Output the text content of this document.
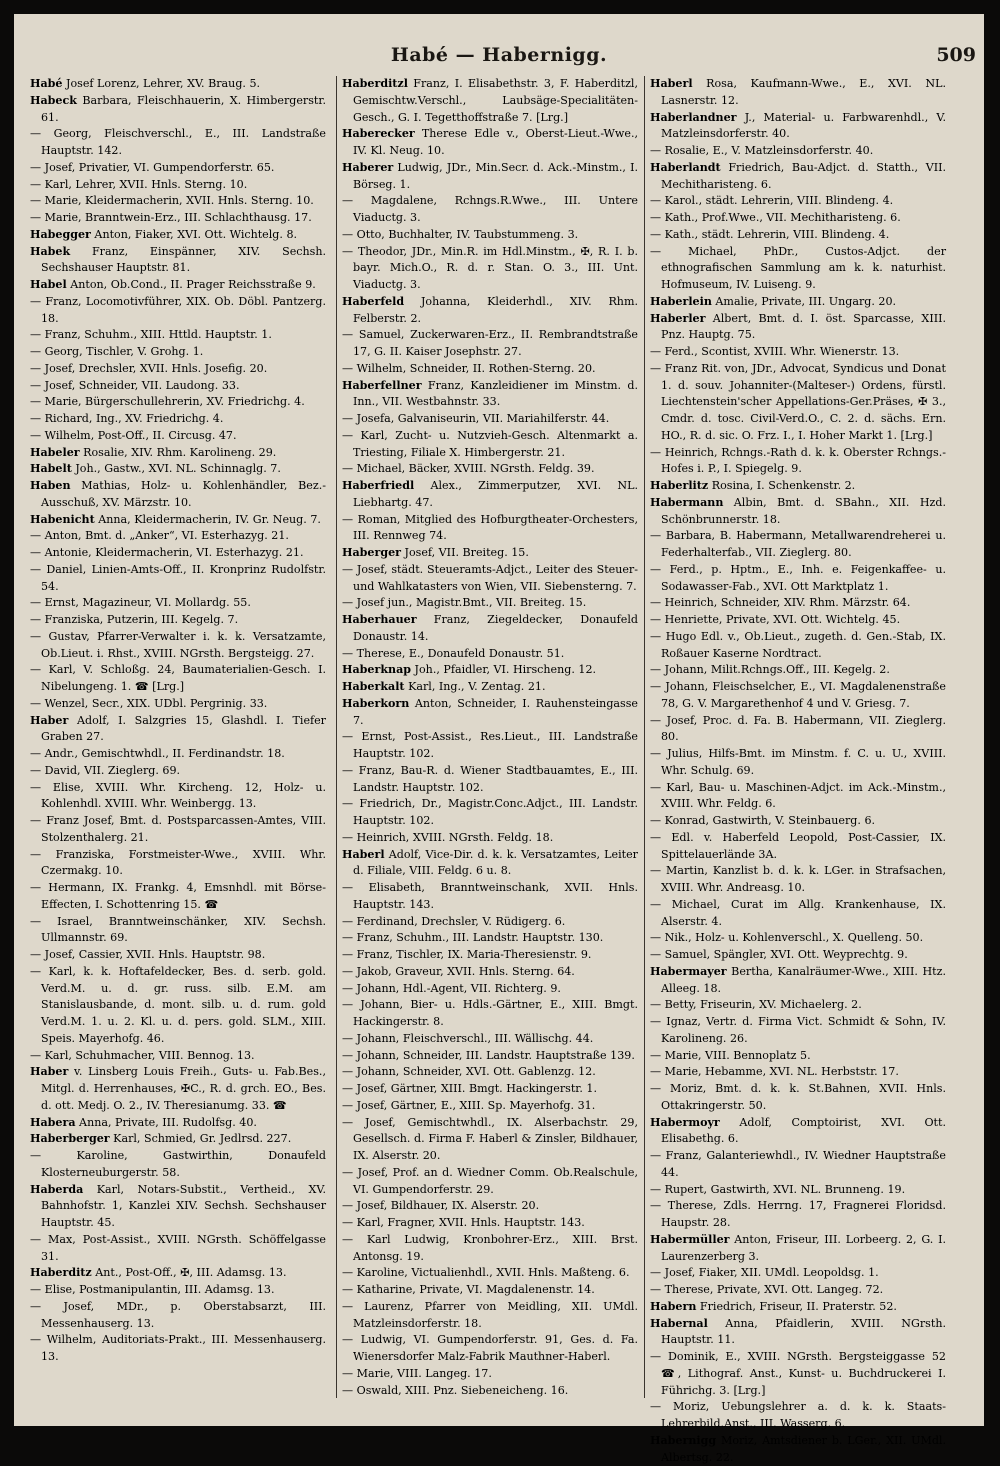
Habé — Habernigg.	509

Habé Josef Lorenz, Lehrer, XV. Braug. 5.

Habeck Barbara, Fleischhauerin, X. Himbergerstr. 61.

— Georg, Fleischverschl., E., III. Landstraße Hauptstr. 142.

— Josef, Privatier, VI. Gumpendorferstr. 65.

— Karl, Lehrer, XVII. Hnls. Sterng. 10.

— Marie, Kleidermacherin, XVII. Hnls. Sterng. 10.

— Marie, Branntwein-Erz., III. Schlachthausg. 17.

Habegger Anton, Fiaker, XVI. Ott. Wichtelg. 8.

Habek Franz, Einspänner, XIV. Sechsh. Sechshauser Hauptstr. 81.

Habel Anton, Ob.Cond., II. Prager Reichsstraße 9.

— Franz, Locomotivführer, XIX. Ob. Döbl. Pantzerg. 18.

— Franz, Schuhm., XIII. Httld. Hauptstr. 1.

— Georg, Tischler, V. Grohg. 1.

— Josef, Drechsler, XVII. Hnls. Josefig. 20.

— Josef, Schneider, VII. Laudong. 33.

— Marie, Bürgerschullehrerin, XV. Friedrichg. 4.

— Richard, Ing., XV. Friedrichg. 4.

— Wilhelm, Post-Off., II. Circusg. 47.

Habeler Rosalie, XIV. Rhm. Karolineng. 29.

Habelt Joh., Gastw., XVI. NL. Schinnaglg. 7.

Haben Mathias, Holz- u. Kohlenhändler, Bez.-Ausschuß, XV. Märzstr. 10.

Habenicht Anna, Kleidermacherin, IV. Gr. Neug. 7.

— Anton, Bmt. d. „Anker“, VI. Esterhazyg. 21.

— Antonie, Kleidermacherin, VI. Esterhazyg. 21.

— Daniel, Linien-Amts-Off., II. Kronprinz Rudolfstr. 54.

— Ernst, Magazineur, VI. Mollardg. 55.

— Franziska, Putzerin, III. Kegelg. 7.

— Gustav, Pfarrer-Verwalter i. k. k. Versatzamte, Ob.Lieut. i. Rhst., XVIII. NGrsth. Bergsteigg. 27.

— Karl, V. Schloßg. 24, Baumaterialien-Gesch. I. Nibelungeng. 1. ☎ [Lrg.]

— Wenzel, Secr., XIX. UDbl. Pergrinig. 33.

Haber Adolf, I. Salzgries 15, Glashdl. I. Tiefer Graben 27.

— Andr., Gemischtwhdl., II. Ferdinandstr. 18.

— David, VII. Zieglerg. 69.

— Elise, XVIII. Whr. Kircheng. 12, Holz- u. Kohlenhdl. XVIII. Whr. Weinbergg. 13.

— Franz Josef, Bmt. d. Postsparcassen-Amtes, VIII. Stolzenthalerg. 21.

— Franziska, Forstmeister-Wwe., XVIII. Whr. Czermakg. 10.

— Hermann, IX. Frankg. 4, Emsnhdl. mit Börse-Effecten, I. Schottenring 15. ☎

— Israel, Branntweinschänker, XIV. Sechsh. Ullmannstr. 69.

— Josef, Cassier, XVII. Hnls. Hauptstr. 98.

— Karl, k. k. Hoftafeldecker, Bes. d. serb. gold. Verd.M. u. d. gr. russ. silb. E.M. am Stanislausbande, d. mont. silb. u. d. rum. gold Verd.M. 1. u. 2. Kl. u. d. pers. gold. SLM., XIII. Speis. Mayerhofg. 46.

— Karl, Schuhmacher, VIII. Bennog. 13.

Haber v. Linsberg Louis Freih., Guts- u. Fab.Bes., Mitgl. d. Herrenhauses, ✠C., R. d. grch. EO., Bes. d. ott. Medj. O. 2., IV. Theresianumg. 33. ☎

Habera Anna, Private, III. Rudolfsg. 40.

Haberberger Karl, Schmied, Gr. Jedlrsd. 227.

— Karoline, Gastwirthin, Donaufeld Klosterneuburgerstr. 58.

Haberda Karl, Notars-Substit., Vertheid., XV. Bahnhofstr. 1, Kanzlei XIV. Sechsh. Sechshauser Hauptstr. 45.

— Max, Post-Assist., XVIII. NGrsth. Schöffelgasse 31.

Haberditz Ant., Post-Off., ✠, III. Adamsg. 13.

— Elise, Postmanipulantin, III. Adamsg. 13.

— Josef, MDr., p. Oberstabsarzt, III. Messenhauserg. 13.

— Wilhelm, Auditoriats-Prakt., III. Messenhauserg. 13.

Haberditzl Franz, I. Elisabethstr. 3, F. Haberditzl, Gemischtw.Verschl., Laubsäge-Specialitäten-Gesch., G. I. Tegetthoffstraße 7. [Lrg.]

Haberecker Therese Edle v., Oberst-Lieut.-Wwe., IV. Kl. Neug. 10.

Haberer Ludwig, JDr., Min.Secr. d. Ack.-Minstm., I. Börseg. 1.

— Magdalene, Rchngs.R.Wwe., III. Untere Viaductg. 3.

— Otto, Buchhalter, IV. Taubstummeng. 3.

— Theodor, JDr., Min.R. im Hdl.Minstm., ✠, R. I. b. bayr. Mich.O., R. d. r. Stan. O. 3., III. Unt. Viaductg. 3.

Haberfeld Johanna, Kleiderhdl., XIV. Rhm. Felberstr. 2.

— Samuel, Zuckerwaren-Erz., II. Rembrandtstraße 17, G. II. Kaiser Josephstr. 27.

— Wilhelm, Schneider, II. Rothen-Sterng. 20.

Haberfellner Franz, Kanzleidiener im Minstm. d. Inn., VII. Westbahnstr. 33.

— Josefa, Galvaniseurin, VII. Mariahilferstr. 44.

— Karl, Zucht- u. Nutzvieh-Gesch. Altenmarkt a. Triesting, Filiale X. Himbergerstr. 21.

— Michael, Bäcker, XVIII. NGrsth. Feldg. 39.

Haberfriedl Alex., Zimmerputzer, XVI. NL. Liebhartg. 47.

— Roman, Mitglied des Hofburgtheater-Orchesters, III. Rennweg 74.

Haberger Josef, VII. Breiteg. 15.

— Josef, städt. Steueramts-Adjct., Leiter des Steuer- und Wahlkatasters von Wien, VII. Siebensterng. 7.

— Josef jun., Magistr.Bmt., VII. Breiteg. 15.

Haberhauer Franz, Ziegeldecker, Donaufeld Donaustr. 14.

— Therese, E., Donaufeld Donaustr. 51.

Haberknap Joh., Pfaidler, VI. Hirscheng. 12.

Haberkalt Karl, Ing., V. Zentag. 21.

Haberkorn Anton, Schneider, I. Rauhensteingasse 7.

— Ernst, Post-Assist., Res.Lieut., III. Landstraße Hauptstr. 102.

— Franz, Bau-R. d. Wiener Stadtbauamtes, E., III. Landstr. Hauptstr. 102.

— Friedrich, Dr., Magistr.Conc.Adjct., III. Landstr. Hauptstr. 102.

— Heinrich, XVIII. NGrsth. Feldg. 18.

Haberl Adolf, Vice-Dir. d. k. k. Versatzamtes, Leiter d. Filiale, VIII. Feldg. 6 u. 8.

— Elisabeth, Branntweinschank, XVII. Hnls. Hauptstr. 143.

— Ferdinand, Drechsler, V. Rüdigerg. 6.

— Franz, Schuhm., III. Landstr. Hauptstr. 130.

— Franz, Tischler, IX. Maria-Theresienstr. 9.

— Jakob, Graveur, XVII. Hnls. Sterng. 64.

— Johann, Hdl.-Agent, VII. Richterg. 9.

— Johann, Bier- u. Hdls.-Gärtner, E., XIII. Bmgt. Hackingerstr. 8.

— Johann, Fleischverschl., III. Wällischg. 44.

— Johann, Schneider, III. Landstr. Hauptstraße 139.

— Johann, Schneider, XVI. Ott. Gablenzg. 12.

— Josef, Gärtner, XIII. Bmgt. Hackingerstr. 1.

— Josef, Gärtner, E., XIII. Sp. Mayerhofg. 31.

— Josef, Gemischtwhdl., IX. Alserbachstr. 29, Gesellsch. d. Firma F. Haberl & Zinsler, Bildhauer, IX. Alserstr. 20.

— Josef, Prof. an d. Wiedner Comm. Ob.Realschule, VI. Gumpendorferstr. 29.

— Josef, Bildhauer, IX. Alserstr. 20.

— Karl, Fragner, XVII. Hnls. Hauptstr. 143.

— Karl Ludwig, Kronbohrer-Erz., XIII. Brst. Antonsg. 19.

— Karoline, Victualienhdl., XVII. Hnls. Maßteng. 6.

— Katharine, Private, VI. Magdalenenstr. 14.

— Laurenz, Pfarrer von Meidling, XII. UMdl. Matzleinsdorferstr. 18.

— Ludwig, VI. Gumpendorferstr. 91, Ges. d. Fa. Wienersdorfer Malz-Fabrik Mauthner-Haberl.

— Marie, VIII. Langeg. 17.

— Oswald, XIII. Pnz. Siebeneicheng. 16.

Haberl Rosa, Kaufmann-Wwe., E., XVI. NL. Lasnerstr. 12.

Haberlandner J., Material- u. Farbwarenhdl., V. Matzleinsdorferstr. 40.

— Rosalie, E., V. Matzleinsdorferstr. 40.

Haberlandt Friedrich, Bau-Adjct. d. Statth., VII. Mechitharisteng. 6.

— Karol., städt. Lehrerin, VIII. Blindeng. 4.

— Kath., Prof.Wwe., VII. Mechitharisteng. 6.

— Kath., städt. Lehrerin, VIII. Blindeng. 4.

— Michael, PhDr., Custos-Adjct. der ethnografischen Sammlung am k. k. naturhist. Hofmuseum, IV. Luiseng. 9.

Haberlein Amalie, Private, III. Ungarg. 20.

Haberler Albert, Bmt. d. I. öst. Sparcasse, XIII. Pnz. Hauptg. 75.

— Ferd., Scontist, XVIII. Whr. Wienerstr. 13.

— Franz Rit. von, JDr., Advocat, Syndicus und Donat 1. d. souv. Johanniter-(Malteser-) Ordens, fürstl. Liechtenstein'scher Appellations-Ger.Präses, ✠ 3., Cmdr. d. tosc. Civil-Verd.O., C. 2. d. sächs. Ern. HO., R. d. sic. O. Frz. I., I. Hoher Markt 1. [Lrg.]

— Heinrich, Rchngs.-Rath d. k. k. Oberster Rchngs.-Hofes i. P., I. Spiegelg. 9.

Haberlitz Rosina, I. Schenkenstr. 2.

Habermann Albin, Bmt. d. SBahn., XII. Hzd. Schönbrunnerstr. 18.

— Barbara, B. Habermann, Metallwarendreherei u. Federhalterfab., VII. Zieglerg. 80.

— Ferd., p. Hptm., E., Inh. e. Feigenkaffee- u. Sodawasser-Fab., XVI. Ott Marktplatz 1.

— Heinrich, Schneider, XIV. Rhm. Märzstr. 64.

— Henriette, Private, XVI. Ott. Wichtelg. 45.

— Hugo Edl. v., Ob.Lieut., zugeth. d. Gen.-Stab, IX. Roßauer Kaserne Nordtract.

— Johann, Milit.Rchngs.Off., III. Kegelg. 2.

— Johann, Fleischselcher, E., VI. Magdalenenstraße 78, G. V. Margarethenhof 4 und V. Griesg. 7.

— Josef, Proc. d. Fa. B. Habermann, VII. Zieglerg. 80.

— Julius, Hilfs-Bmt. im Minstm. f. C. u. U., XVIII. Whr. Schulg. 69.

— Karl, Bau- u. Maschinen-Adjct. im Ack.-Minstm., XVIII. Whr. Feldg. 6.

— Konrad, Gastwirth, V. Steinbauerg. 6.

— Edl. v. Haberfeld Leopold, Post-Cassier, IX. Spittelauerlände 3A.

— Martin, Kanzlist b. d. k. k. LGer. in Strafsachen, XVIII. Whr. Andreasg. 10.

— Michael, Curat im Allg. Krankenhause, IX. Alserstr. 4.

— Nik., Holz- u. Kohlenverschl., X. Quelleng. 50.

— Samuel, Spängler, XVI. Ott. Weyprechtg. 9.

Habermayer Bertha, Kanalräumer-Wwe., XIII. Htz. Alleeg. 18.

— Betty, Friseurin, XV. Michaelerg. 2.

— Ignaz, Vertr. d. Firma Vict. Schmidt & Sohn, IV. Karolineng. 26.

— Marie, VIII. Bennoplatz 5.

— Marie, Hebamme, XVI. NL. Herbststr. 17.

— Moriz, Bmt. d. k. k. St.Bahnen, XVII. Hnls. Ottakringerstr. 50.

Habermoyr Adolf, Comptoirist, XVI. Ott. Elisabethg. 6.

— Franz, Galanteriewhdl., IV. Wiedner Hauptstraße 44.

— Rupert, Gastwirth, XVI. NL. Brunneng. 19.

— Therese, Zdls. Herrng. 17, Fragnerei Floridsd. Haupstr. 28.

Habermüller Anton, Friseur, III. Lorbeerg. 2, G. I. Laurenzerberg 3.

— Josef, Fiaker, XII. UMdl. Leopoldsg. 1.

— Therese, Private, XVI. Ott. Langeg. 72.

Habern Friedrich, Friseur, II. Praterstr. 52.

Habernal Anna, Pfaidlerin, XVIII. NGrsth. Hauptstr. 11.

— Dominik, E., XVIII. NGrsth. Bergsteiggasse 52 ☎, Lithograf. Anst., Kunst- u. Buchdruckerei I. Führichg. 3. [Lrg.]

— Moriz, Uebungslehrer a. d. k. k. Staats-Lehrerbild.Anst., III. Wasserg. 6.

Habernigg Moriz, Amtsdiener b. LGer., XII. UMdl. Albertsg. 22.
